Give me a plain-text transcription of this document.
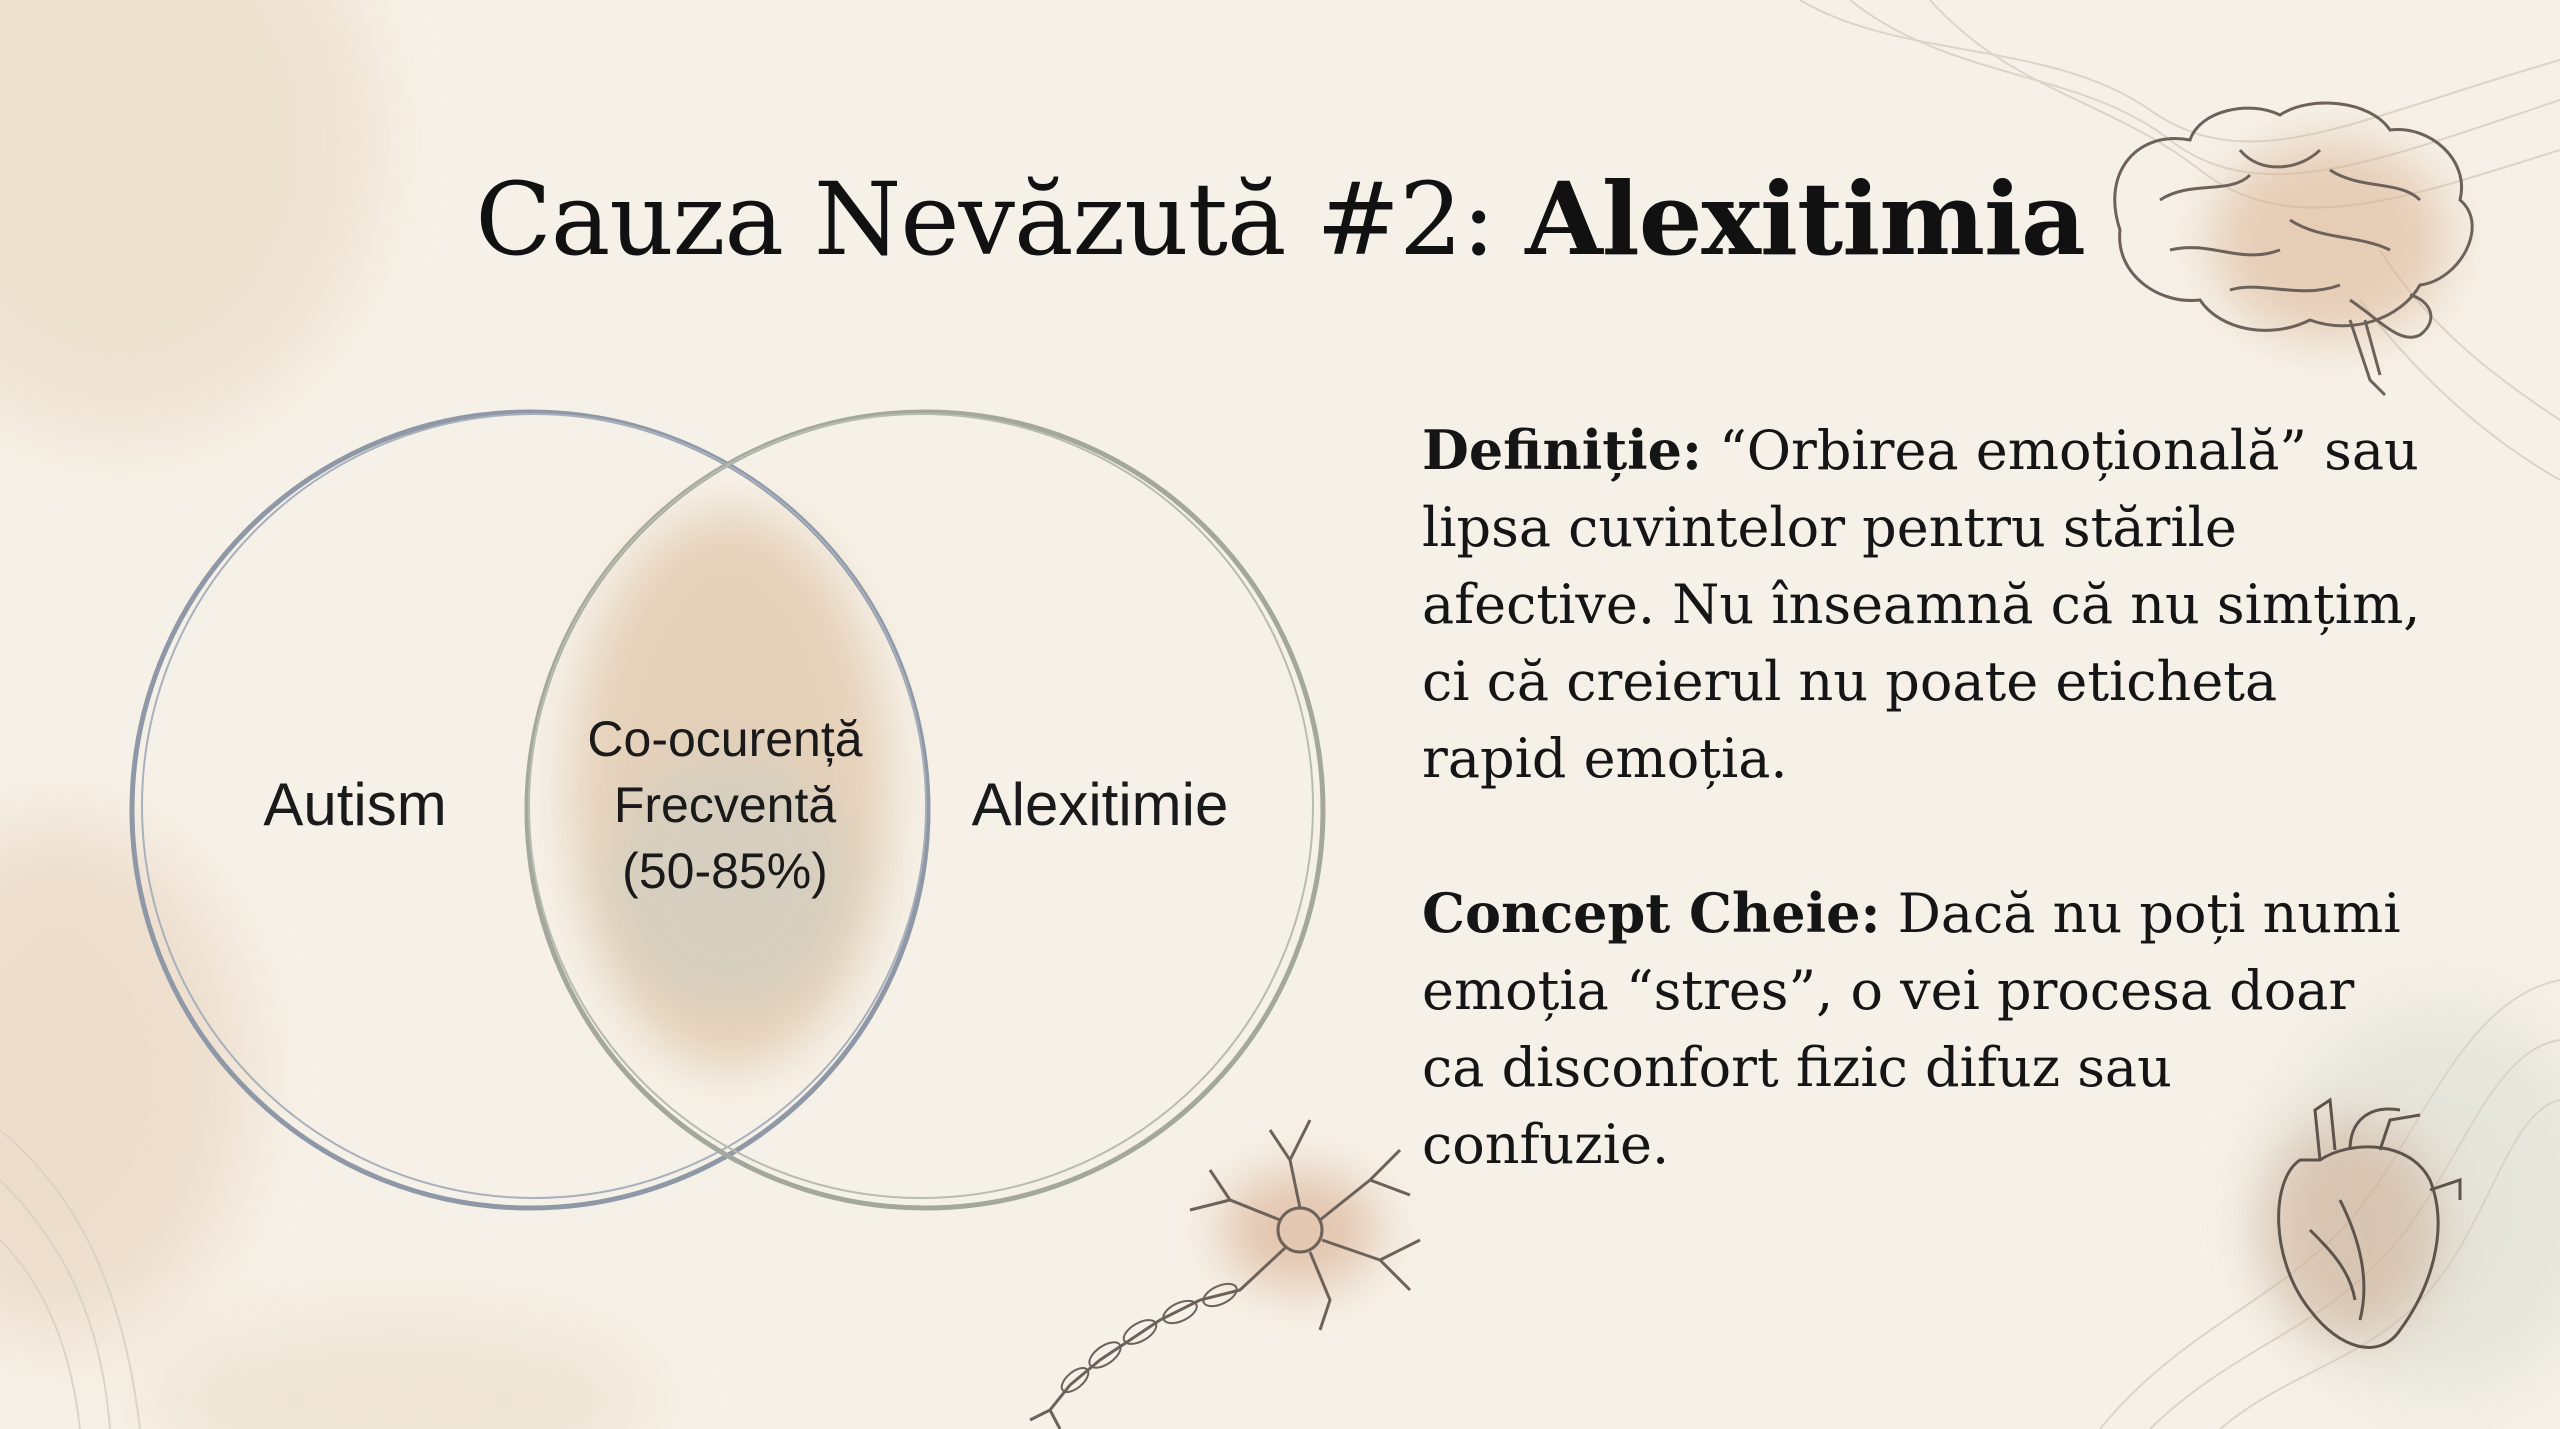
Cauza Nevăzută #2: Alexitimia
Autism	Alexitimie
Co-ocurență
Frecventă
(50-85%)
Definiție: “Orbirea emoțională” sau lipsa cuvintelor pentru stările afective. Nu înseamnă că nu simțim, ci că creierul nu poate eticheta rapid emoția.
Concept Cheie: Dacă nu poți numi emoția “stres”, o vei procesa doar ca disconfort fizic difuz sau confuzie.
